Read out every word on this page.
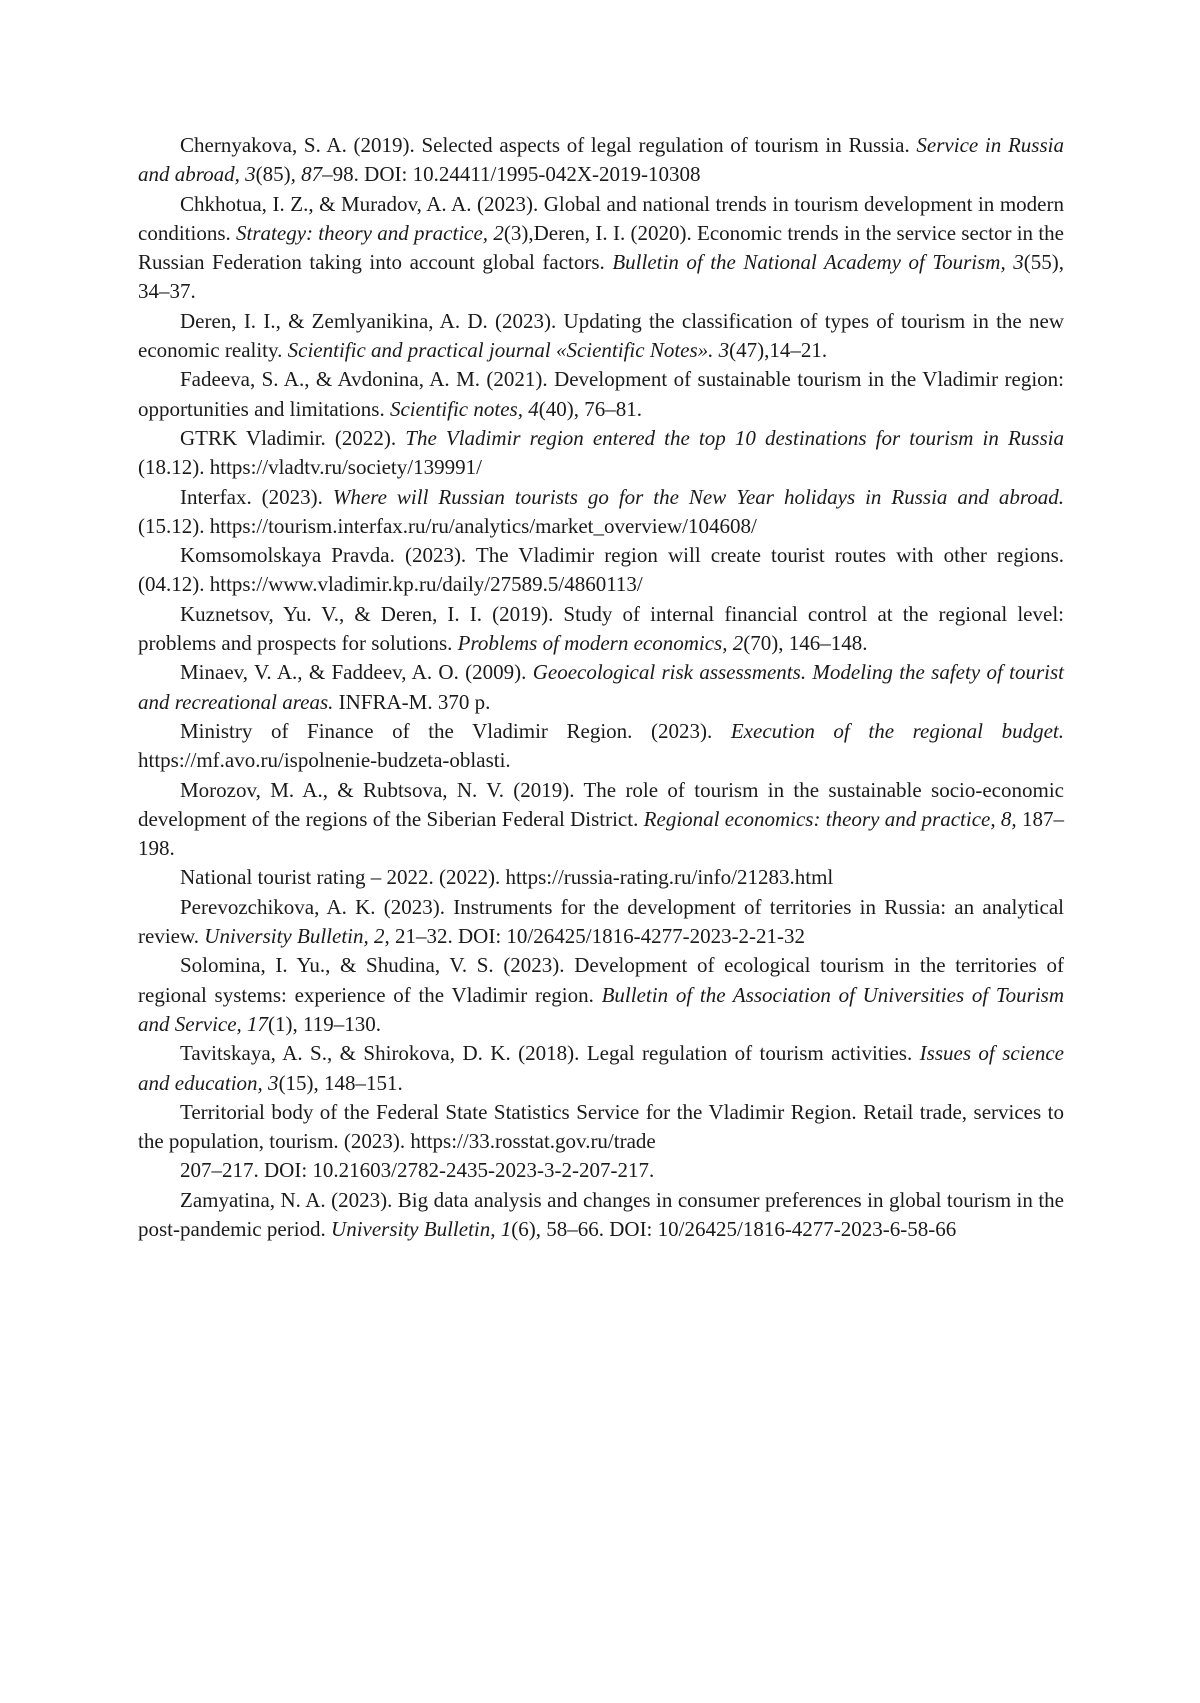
Chernyakova, S. A. (2019). Selected aspects of legal regulation of tourism in Russia. Service in Russia and abroad, 3(85), 87–98. DOI: 10.24411/1995-042X-2019-10308

Chkhotua, I. Z., & Muradov, A. A. (2023). Global and national trends in tourism development in modern conditions. Strategy: theory and practice, 2(3),Deren, I. I. (2020). Economic trends in the service sector in the Russian Federation taking into account global factors. Bulletin of the National Academy of Tourism, 3(55), 34–37.

Deren, I. I., & Zemlyanikina, A. D. (2023). Updating the classification of types of tourism in the new economic reality. Scientific and practical journal «Scientific Notes». 3(47),14–21.

Fadeeva, S. A., & Avdonina, A. M. (2021). Development of sustainable tourism in the Vladimir region: opportunities and limitations. Scientific notes, 4(40), 76–81.

GTRK Vladimir. (2022). The Vladimir region entered the top 10 destinations for tourism in Russia (18.12). https://vladtv.ru/society/139991/

Interfax. (2023). Where will Russian tourists go for the New Year holidays in Russia and abroad. (15.12). https://tourism.interfax.ru/ru/analytics/market_overview/104608/

Komsomolskaya Pravda. (2023). The Vladimir region will create tourist routes with other regions. (04.12). https://www.vladimir.kp.ru/daily/27589.5/4860113/

Kuznetsov, Yu. V., & Deren, I. I. (2019). Study of internal financial control at the regional level: problems and prospects for solutions. Problems of modern economics, 2(70), 146–148.

Minaev, V. A., & Faddeev, A. O. (2009). Geoecological risk assessments. Modeling the safety of tourist and recreational areas. INFRA-M. 370 p.

Ministry of Finance of the Vladimir Region. (2023). Execution of the regional budget. https://mf.avo.ru/ispolnenie-budzeta-oblasti.

Morozov, M. A., & Rubtsova, N. V. (2019). The role of tourism in the sustainable socio-economic development of the regions of the Siberian Federal District. Regional economics: theory and practice, 8, 187–198.

National tourist rating – 2022. (2022). https://russia-rating.ru/info/21283.html

Perevozchikova, A. K. (2023). Instruments for the development of territories in Russia: an analytical review. University Bulletin, 2, 21–32. DOI: 10/26425/1816-4277-2023-2-21-32

Solomina, I. Yu., & Shudina, V. S. (2023). Development of ecological tourism in the territories of regional systems: experience of the Vladimir region. Bulletin of the Association of Universities of Tourism and Service, 17(1), 119–130.

Tavitskaya, A. S., & Shirokova, D. K. (2018). Legal regulation of tourism activities. Issues of science and education, 3(15), 148–151.

Territorial body of the Federal State Statistics Service for the Vladimir Region. Retail trade, services to the population, tourism. (2023). https://33.rosstat.gov.ru/trade

207–217. DOI: 10.21603/2782-2435-2023-3-2-207-217.

Zamyatina, N. A. (2023). Big data analysis and changes in consumer preferences in global tourism in the post-pandemic period. University Bulletin, 1(6), 58–66. DOI: 10/26425/1816-4277-2023-6-58-66
